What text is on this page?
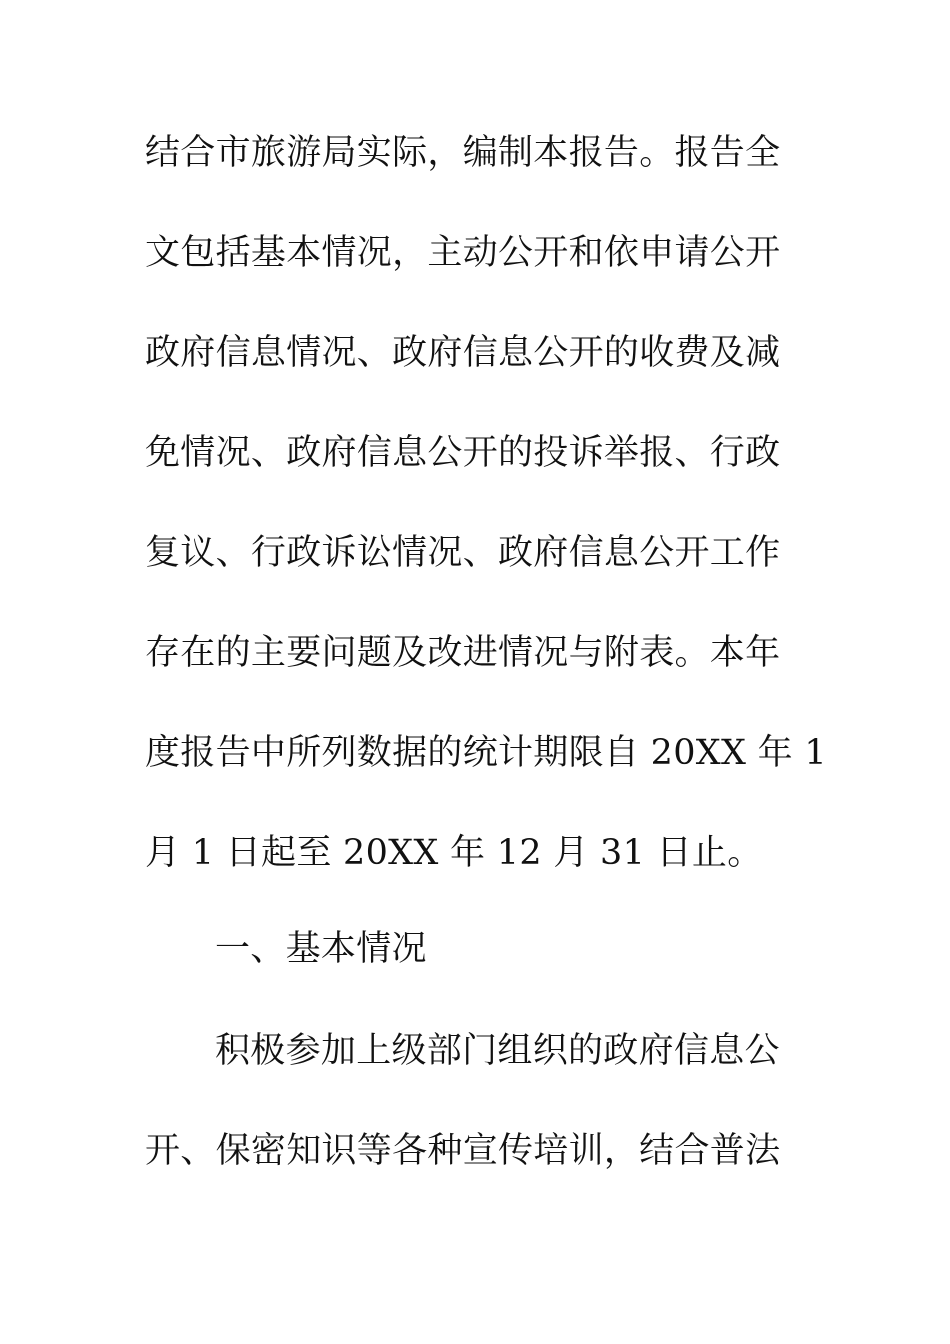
结合市旅游局实际，编制本报告。报告全
文包括基本情况，主动公开和依申请公开
政府信息情况、政府信息公开的收费及减
免情况、政府信息公开的投诉举报、行政
复议、行政诉讼情况、政府信息公开工作
存在的主要问题及改进情况与附表。本年
度报告中所列数据的统计期限自 20XX 年 1
月 1 日起至 20XX 年 12 月 31 日止。
一、基本情况
积极参加上级部门组织的政府信息公
开、保密知识等各种宣传培训，结合普法
